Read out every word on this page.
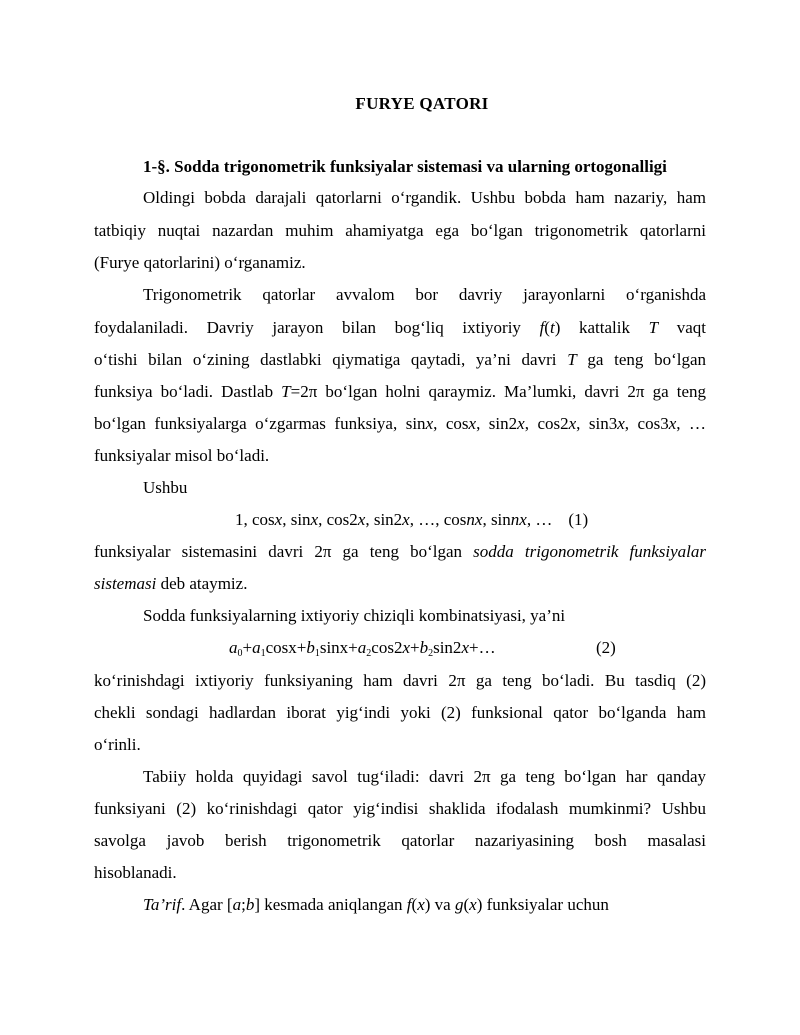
FURYE QATORI
1-§. Sodda trigonometrik funksiyalar sistemasi va ularning ortogonalligi
Oldingi bobda darajali qatorlarni o‘rgandik. Ushbu bobda ham nazariy, ham
tatbiqiy nuqtai nazardan muhim ahamiyatga ega bo‘lgan trigonometrik qatorlarni
(Furye qatorlarini) o‘rganamiz.
Trigonometrik qatorlar avvalom bor davriy jarayonlarni o‘rganishda
foydalaniladi. Davriy jarayon bilan bog‘liq ixtiyoriy f(t) kattalik T vaqt
o‘tishi bilan o‘zining dastlabki qiymatiga qaytadi, ya’ni davri T ga teng bo‘lgan
funksiya bo‘ladi. Dastlab T=2π bo‘lgan holni qaraymiz. Ma’lumki, davri 2π ga teng
bo‘lgan funksiyalarga o‘zgarmas funksiya, sinx, cosx, sin2x, cos2x, sin3x, cos3x, …
funksiyalar misol bo‘ladi.
Ushbu
1, cosx, sinx, cos2x, sin2x, …, cosnx, sinnx, … (1)
funksiyalar sistemasini davri 2π ga teng bo‘lgan sodda trigonometrik funksiyalar
sistemasi deb ataymiz.
Sodda funksiyalarning ixtiyoriy chiziqli kombinatsiyasi, ya’ni
$a_0+a_1\cos x+b_1\sin x+a_2\cos 2x+b_2\sin 2x+\dots$	(2)
ko‘rinishdagi ixtiyoriy funksiyaning ham davri 2π ga teng bo‘ladi. Bu tasdiq (2)
chekli sondagi hadlardan iborat yig‘indi yoki (2) funksional qator bo‘lganda ham
o‘rinli.
Tabiiy holda quyidagi savol tug‘iladi: davri 2π ga teng bo‘lgan har qanday
funksiyani (2) ko‘rinishdagi qator yig‘indisi shaklida ifodalash mumkinmi? Ushbu
savolga javob berish trigonometrik qatorlar nazariyasining bosh masalasi
hisoblanadi.
Ta’rif. Agar [a;b] kesmada aniqlangan f(x) va g(x) funksiyalar uchun
